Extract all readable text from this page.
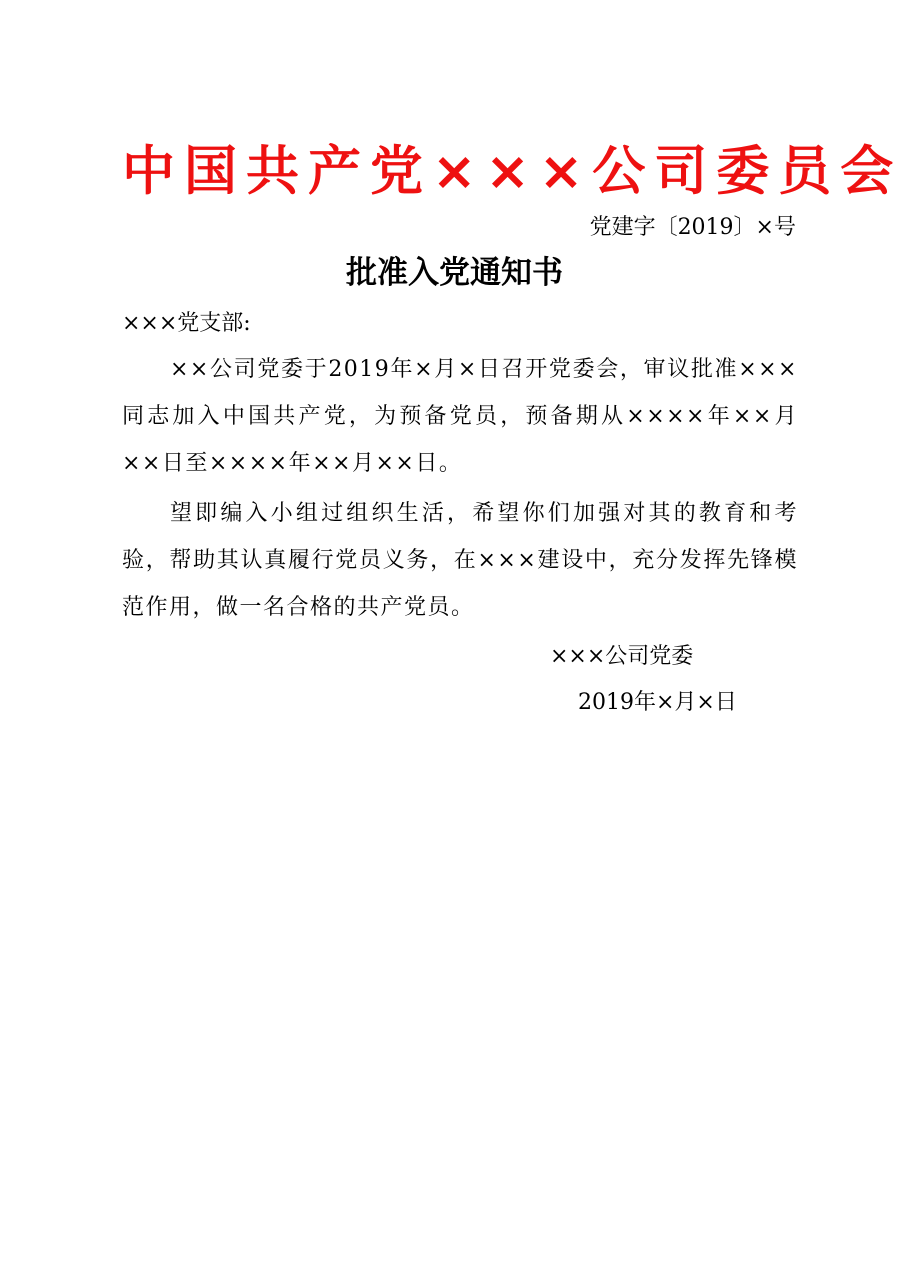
中国共产党×××公司委员会
党建字〔2019〕×号
批准入党通知书
×××党支部:
××公司党委于2019年×月×日召开党委会，审议批准×××同志加入中国共产党，为预备党员，预备期从××××年××月××日至××××年××月××日。
望即编入小组过组织生活，希望你们加强对其的教育和考验，帮助其认真履行党员义务，在×××建设中，充分发挥先锋模范作用，做一名合格的共产党员。
×××公司党委
2019年×月×日
